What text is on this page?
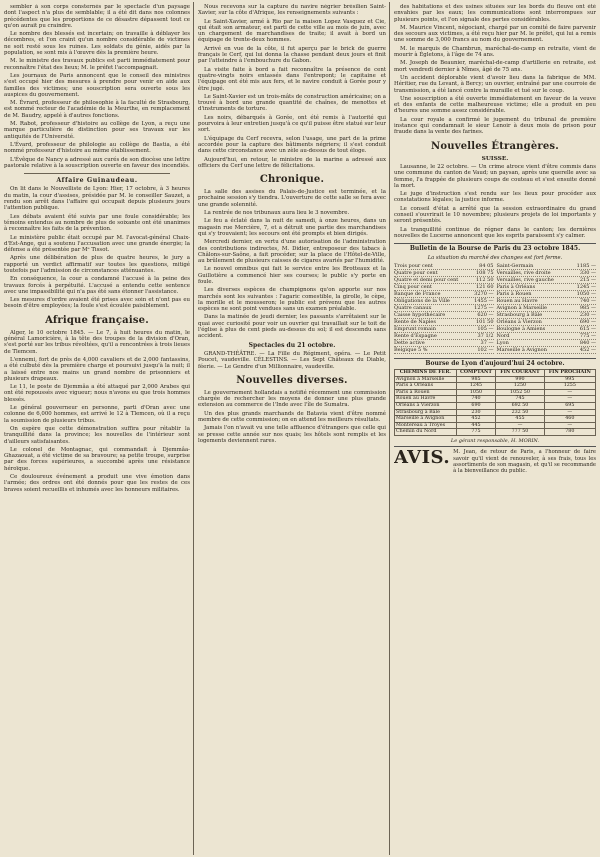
sembler à son corps consternés par le spectacle d'un paysage dont l'aspect n'a plus de semblable; il a été dit dans nos colonnes précédentes que les proportions de ce désastre dépassent tout ce qu'on aurait pu craindre.

Le nombre des blessés est incertain; on travaille à déblayer les décombres, et l'on craint qu'un nombre considérable de victimes ne soit resté sous les ruines. Les soldats du génie, aidés par la population, se sont mis à l'œuvre dès la première heure.

M. le ministre des travaux publics est parti immédiatement pour reconnaître l'état des lieux; M. le préfet l'accompagnait.

Les journaux de Paris annoncent que le conseil des ministres s'est occupé hier des mesures à prendre pour venir en aide aux familles des victimes; une souscription sera ouverte sous les auspices du gouvernement.

M. Évrard, professeur de philosophie à la faculté de Strasbourg, est nommé recteur de l'académie de la Meurthe, en remplacement de M. Baudry, appelé à d'autres fonctions.

M. Rabot, professeur d'histoire au collège de Lyon, a reçu une marque particulière de distinction pour ses travaux sur les antiquités de l'Université.

L'Évard, professeur de philologie au collège de Bastia, a été nommé professeur d'histoire au même établissement.

L'Évêque de Nancy a adressé aux curés de son diocèse une lettre pastorale relative à la souscription ouverte en faveur des incendiés.

Affaire Guinaudeau.

On lit dans le Nouvelliste de Lyon: Hier, 17 octobre, à 3 heures du matin, la cour d'assises, présidée par M. le conseiller Sauzet, a rendu son arrêt dans l'affaire qui occupait depuis plusieurs jours l'attention publique.

Les débats avaient été suivis par une foule considérable; les témoins entendus au nombre de plus de soixante ont été unanimes à reconnaître les faits de la prévention.

Le ministère public était occupé par M. l'avocat-général Chaix-d'Est-Ange, qui a soutenu l'accusation avec une grande énergie; la défense a été présentée par Mᵉ Tissot.

Après une délibération de plus de quatre heures, le jury a rapporté un verdict affirmatif sur toutes les questions, mitigé toutefois par l'admission de circonstances atténuantes.

En conséquence, la cour a condamné l'accusé à la peine des travaux forcés à perpétuité. L'accusé a entendu cette sentence avec une impassibilité qui n'a pas été sans étonner l'assistance.

Les mesures d'ordre avaient été prises avec soin et n'ont pas eu besoin d'être employées; la foule s'est écoulée paisiblement.

Afrique française.

Alger, le 10 octobre 1845. — Le 7, à huit heures du matin, le général Lamoricière, à la tête des troupes de la division d'Oran, s'est porté sur les tribus révoltées, qu'il a rencontrées à trois lieues de Tlemcen.

L'ennemi, fort de près de 4,000 cavaliers et de 2,000 fantassins, a été culbuté dès la première charge et poursuivi jusqu'à la nuit; il a laissé entre nos mains un grand nombre de prisonniers et plusieurs drapeaux.

Le 11, le poste de Djemmâa a été attaqué par 2,000 Arabes qui ont été repoussés avec vigueur; nous n'avons eu que trois hommes blessés.

Le général gouverneur en personne, parti d'Oran avec une colonne de 6,000 hommes, est arrivé le 12 à Tlemcen, où il a reçu la soumission de plusieurs tribus.

On espère que cette démonstration suffira pour rétablir la tranquillité dans la province; les nouvelles de l'intérieur sont d'ailleurs satisfaisantes.

Le colonel de Montagnac, qui commandait à Djemmâa-Ghazaouat, a été victime de sa bravoure; sa petite troupe, surprise par des forces supérieures, a succombé après une résistance héroïque.

Ce douloureux événement a produit une vive émotion dans l'armée; des ordres ont été donnés pour que les restes de ces braves soient recueillis et inhumés avec les honneurs militaires.

Nous recevons sur la capture du navire négrier brésilien Saint-Xavier, sur la côte d'Afrique, les renseignements suivants :

Le Saint-Xavier, armé à Rio par la maison Lopez Vasquez et Cie, qui était son armateur, est parti de cette ville au mois de juin, avec un chargement de marchandises de traite; il avait à bord un équipage de trente-deux hommes.

Arrivé en vue de la côte, il fut aperçu par le brick de guerre français le Cerf, qui lui donna la chasse pendant deux jours et finit par l'atteindre à l'embouchure du Gabon.

La visite faite à bord a fait reconnaître la présence de cent quatre-vingts noirs entassés dans l'entrepont; le capitaine et l'équipage ont été mis aux fers, et le navire conduit à Gorée pour y être jugé.

Le Saint-Xavier est un trois-mâts de construction américaine; on a trouvé à bord une grande quantité de chaînes, de menottes et d'instruments de torture.

Les noirs, débarqués à Gorée, ont été remis à l'autorité qui pourvoira à leur entretien jusqu'à ce qu'il puisse être statué sur leur sort.

L'équipage du Cerf recevra, selon l'usage, une part de la prime accordée pour la capture des bâtiments négriers; il s'est conduit dans cette circonstance avec un zèle au-dessus de tout éloge.

Aujourd'hui, en retour, le ministre de la marine a adressé aux officiers du Cerf une lettre de félicitations.

Chronique.

La salle des assises du Palais-de-Justice est terminée, et la prochaine session s'y tiendra. L'ouverture de cette salle se fera avec une grande solennité.

La rentrée de nos tribunaux aura lieu le 3 novembre.

Le feu a éclaté dans la nuit de samedi, à onze heures, dans un magasin rue Mercière, 7, et a détruit une partie des marchandises qui s'y trouvaient; les secours ont été prompts et bien dirigés.

Mercredi dernier, en vertu d'une autorisation de l'administration des contributions indirectes, M. Didier, entreposeur des tabacs à Châlons-sur-Saône, a fait procéder, sur la place de l'Hôtel-de-Ville, au brûlement de plusieurs caisses de cigares avariés par l'humidité.

Le nouvel omnibus qui fait le service entre les Brotteaux et la Guillotière a commencé hier ses courses; le public s'y porte en foule.

Les diverses espèces de champignons qu'on apporte sur nos marchés sont les suivantes : l'agaric comestible, la girolle, le cèpe, la morille et le mousseron; le public est prévenu que les autres espèces ne sont point vendues sans un examen préalable.

Dans la matinée de jeudi dernier, les passants s'arrêtaient sur le quai avec curiosité pour voir un ouvrier qui travaillait sur le toit de l'église à plus de cent pieds au-dessus du sol; il est descendu sans accident.

Spectacles du 21 octobre.

GRAND-THÉÂTRE. — La Fille du Régiment, opéra. — Le Petit Poucet, vaudeville. CÉLESTINS. — Les Sept Châteaux du Diable, féerie. — Le Gendre d'un Millionnaire, vaudeville.

Nouvelles diverses.

Le gouvernement hollandais a notifié récemment une commission chargée de rechercher les moyens de donner une plus grande extension au commerce de l'Inde avec l'île de Sumatra.

Un des plus grands marchands de Batavia vient d'être nommé membre de cette commission; on en attend les meilleurs résultats.

Jamais l'on n'avait vu une telle affluence d'étrangers que celle qui se presse cette année sur nos quais; les hôtels sont remplis et les logements deviennent rares.

des habitations et des usines situées sur les bords du fleuve ont été envahies par les eaux; les communications sont interrompues sur plusieurs points, et l'on signale des pertes considérables.

M. Maurice Vincent, négociant, chargé par un comité de faire parvenir des secours aux victimes, a été reçu hier par M. le préfet, qui lui a remis une somme de 3,000 francs au nom du gouvernement.

M. le marquis de Chambrun, maréchal-de-camp en retraite, vient de mourir à Égletons, à l'âge de 74 ans.

M. Joseph de Beaunier, maréchal-de-camp d'artillerie en retraite, est mort vendredi dernier à Nîmes, âgé de 75 ans.

Un accident déplorable vient d'avoir lieu dans la fabrique de MM. Héritier, rue du Levant, à Bercy; un ouvrier, entraîné par une courroie de transmission, a été lancé contre la muraille et tué sur le coup.

Une souscription a été ouverte immédiatement en faveur de la veuve et des enfants de cette malheureuse victime; elle a produit en peu d'heures une somme assez considérable.

La cour royale a confirmé le jugement du tribunal de première instance qui condamnait le sieur Lenoir à deux mois de prison pour fraude dans la vente des farines.

Nouvelles Étrangères.
SUISSE.

Lausanne, le 22 octobre. — Un crime atroce vient d'être commis dans une commune du canton de Vaud; un paysan, après une querelle avec sa femme, l'a frappée de plusieurs coups de couteau et s'est ensuite donné la mort.

Le juge d'instruction s'est rendu sur les lieux pour procéder aux constatations légales; la justice informe.

Le conseil d'état a arrêté que la session extraordinaire du grand conseil s'ouvrirait le 10 novembre; plusieurs projets de loi importants y seront présentés.

La tranquillité continue de régner dans le canton; les dernières nouvelles de Lucerne annoncent que les esprits paraissent s'y calmer.

Bulletin de la Bourse de Paris du 23 octobre 1845.
La situation du marché des changes est fort ferme.
Trois pour cent	84 05
Quatre pour cent	108 75
Quatre et demi pour cent	112 50
Cinq pour cent	121 60
Banque de France	3270 —
Obligations de la Ville	1455 —
Quatre canaux	1275 —
Caisse hypothécaire	620 —
Rente de Naples	101 50
Emprunt romain	105 —
Rente d'Espagne	37 1/2
Dette active	37 —
Belgique 5 %	102 —
Saint-Germain	1185 —
Versailles, rive droite	330 —
Versailles, rive gauche	215 —
Paris à Orléans	1245 —
Paris à Rouen	1050 —
Rouen au Havre	740 —
Avignon à Marseille	985 —
Strasbourg à Bâle	230 —
Orléans à Vierzon	690 —
Boulogne à Amiens	615 —
Nord	775 —
Lyon	840 —
Marseille à Avignon	452 —
Bourse de Lyon d'aujourd'hui 24 octobre.
CHEMINS DE FER.	COMPTANT	FIN COURANT	FIN PROCHAIN
Avignon à Marseille	985	990	995
Paris à Orléans	1245	1250	1255
Paris à Rouen	1050	1052 50	—
Rouen au Havre	740	745	—
Orléans à Vierzon	690	692 50	695
Strasbourg à Bâle	230	232 50	—
Marseille à Avignon	452	455	460
Montereau à Troyes	445	—	—
Chemin du Nord	775	777 50	780
Le gérant responsable, H. MORIN.
AVIS. M. Jean, de retour de Paris, a l'honneur de faire savoir qu'il vient de renouveler, à ses frais, tous les assortiments de son magasin, et qu'il se recommande à la bienveillance du public.
